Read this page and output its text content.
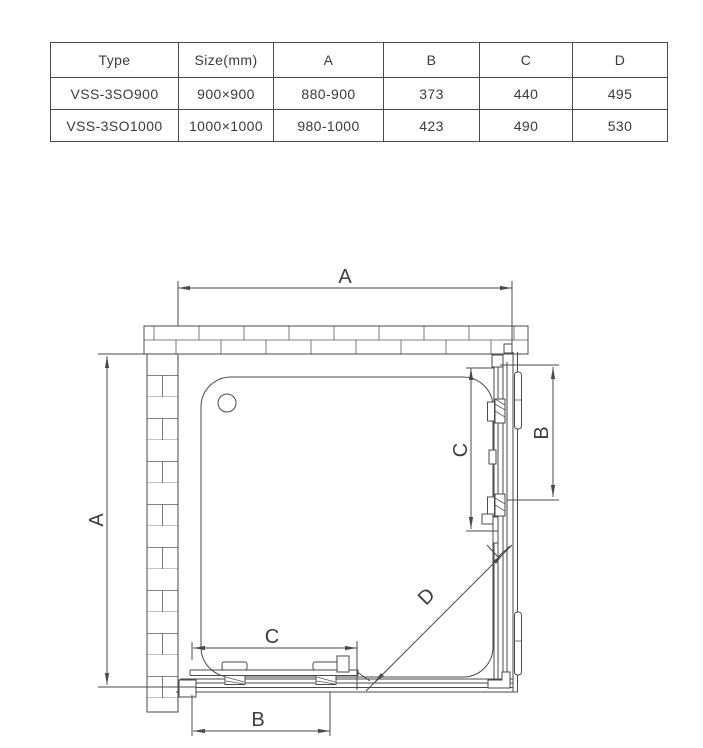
Type	Size(mm)	A	B	C	D
VSS-3SO900	900×900	880-900	373	440	495
VSS-3SO1000	1000×1000	980-1000	423	490	530
A
A
C
B
C
B
D
